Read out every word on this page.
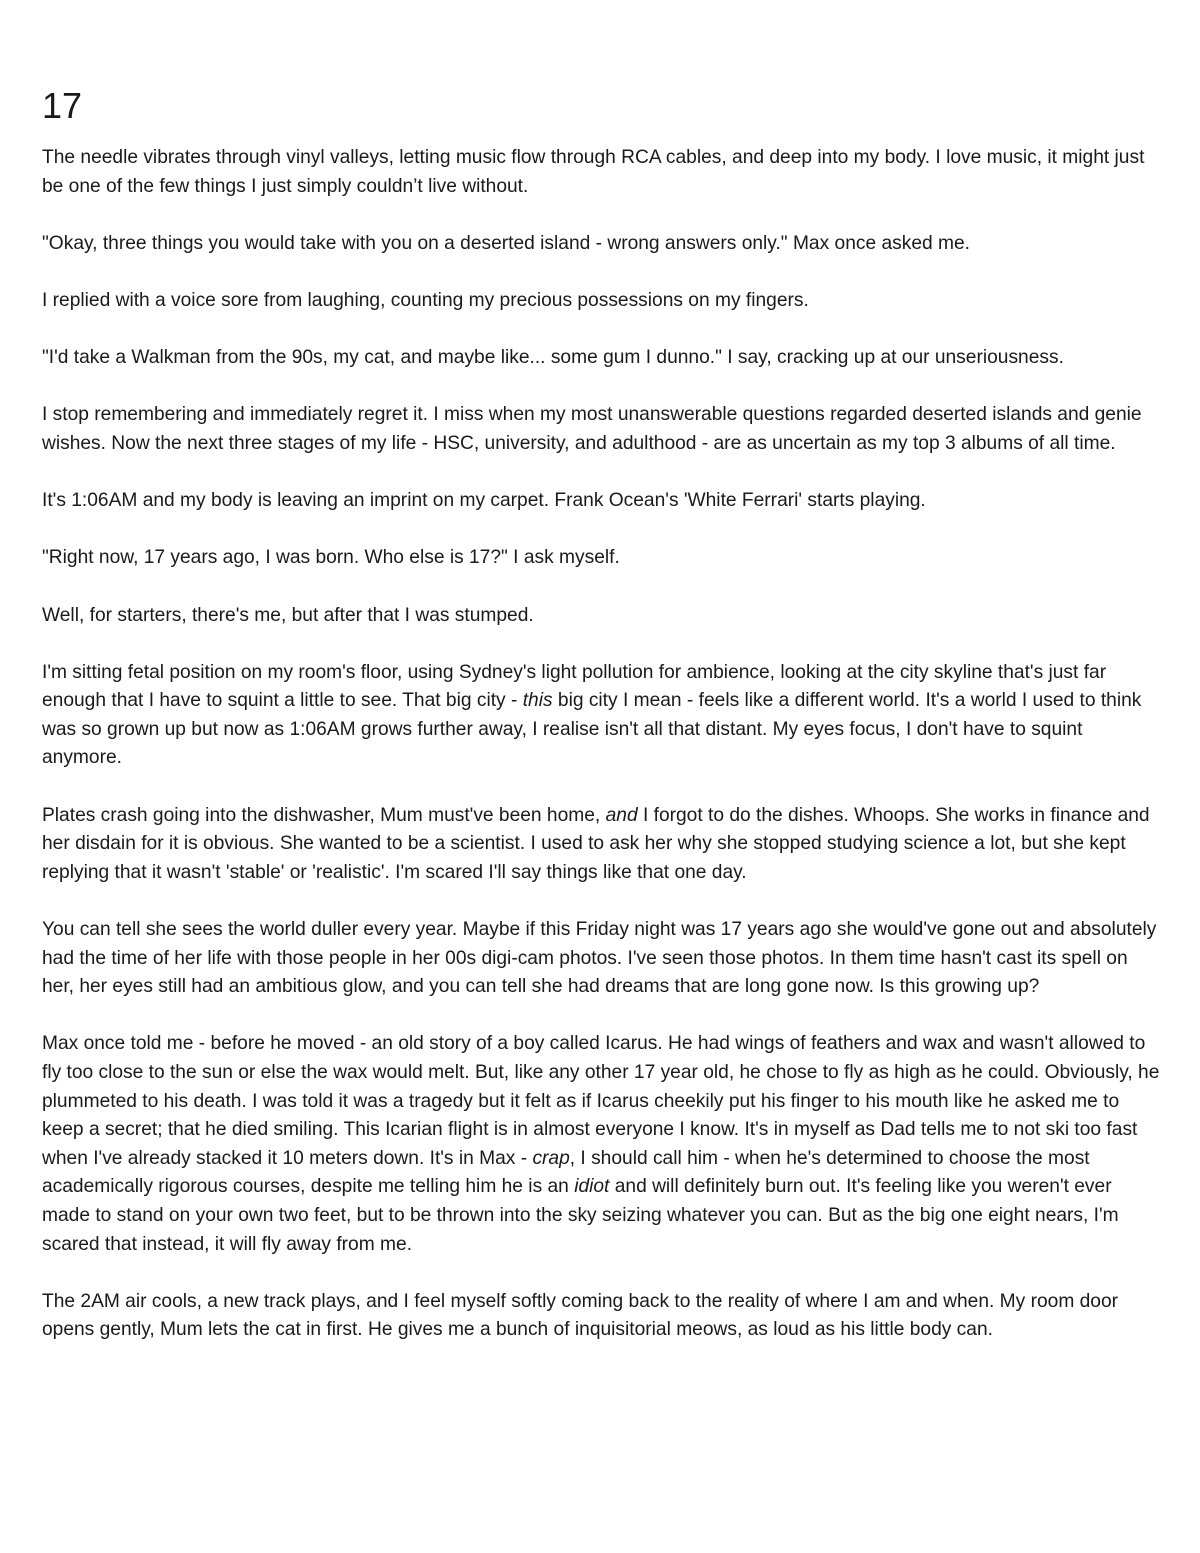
17

The needle vibrates through vinyl valleys, letting music flow through RCA cables, and deep into my body. I love music, it might just be one of the few things I just simply couldn’t live without.

"Okay, three things you would take with you on a deserted island - wrong answers only." Max once asked me.

I replied with a voice sore from laughing, counting my precious possessions on my fingers.

"I'd take a Walkman from the 90s, my cat, and maybe like... some gum I dunno." I say, cracking up at our unseriousness.

I stop remembering and immediately regret it. I miss when my most unanswerable questions regarded deserted islands and genie wishes. Now the next three stages of my life - HSC, university, and adulthood - are as uncertain as my top 3 albums of all time.

It's 1:06AM and my body is leaving an imprint on my carpet. Frank Ocean's 'White Ferrari' starts playing.

"Right now, 17 years ago, I was born. Who else is 17?" I ask myself.

Well, for starters, there's me, but after that I was stumped.

I'm sitting fetal position on my room's floor, using Sydney's light pollution for ambience, looking at the city skyline that's just far enough that I have to squint a little to see. That big city - this big city I mean - feels like a different world. It's a world I used to think was so grown up but now as 1:06AM grows further away, I realise isn't all that distant. My eyes focus, I don't have to squint anymore.

Plates crash going into the dishwasher, Mum must've been home, and I forgot to do the dishes. Whoops. She works in finance and her disdain for it is obvious. She wanted to be a scientist. I used to ask her why she stopped studying science a lot, but she kept replying that it wasn't 'stable' or 'realistic'. I'm scared I'll say things like that one day.

You can tell she sees the world duller every year. Maybe if this Friday night was 17 years ago she would've gone out and absolutely had the time of her life with those people in her 00s digi-cam photos. I've seen those photos. In them time hasn't cast its spell on her, her eyes still had an ambitious glow, and you can tell she had dreams that are long gone now. Is this growing up?

Max once told me - before he moved - an old story of a boy called Icarus. He had wings of feathers and wax and wasn't allowed to fly too close to the sun or else the wax would melt. But, like any other 17 year old, he chose to fly as high as he could. Obviously, he plummeted to his death. I was told it was a tragedy but it felt as if Icarus cheekily put his finger to his mouth like he asked me to keep a secret; that he died smiling. This Icarian flight is in almost everyone I know. It's in myself as Dad tells me to not ski too fast when I've already stacked it 10 meters down. It's in Max - crap, I should call him - when he's determined to choose the most academically rigorous courses, despite me telling him he is an idiot and will definitely burn out. It's feeling like you weren't ever made to stand on your own two feet, but to be thrown into the sky seizing whatever you can. But as the big one eight nears, I'm scared that instead, it will fly away from me.

The 2AM air cools, a new track plays, and I feel myself softly coming back to the reality of where I am and when. My room door opens gently, Mum lets the cat in first. He gives me a bunch of inquisitorial meows, as loud as his little body can.
